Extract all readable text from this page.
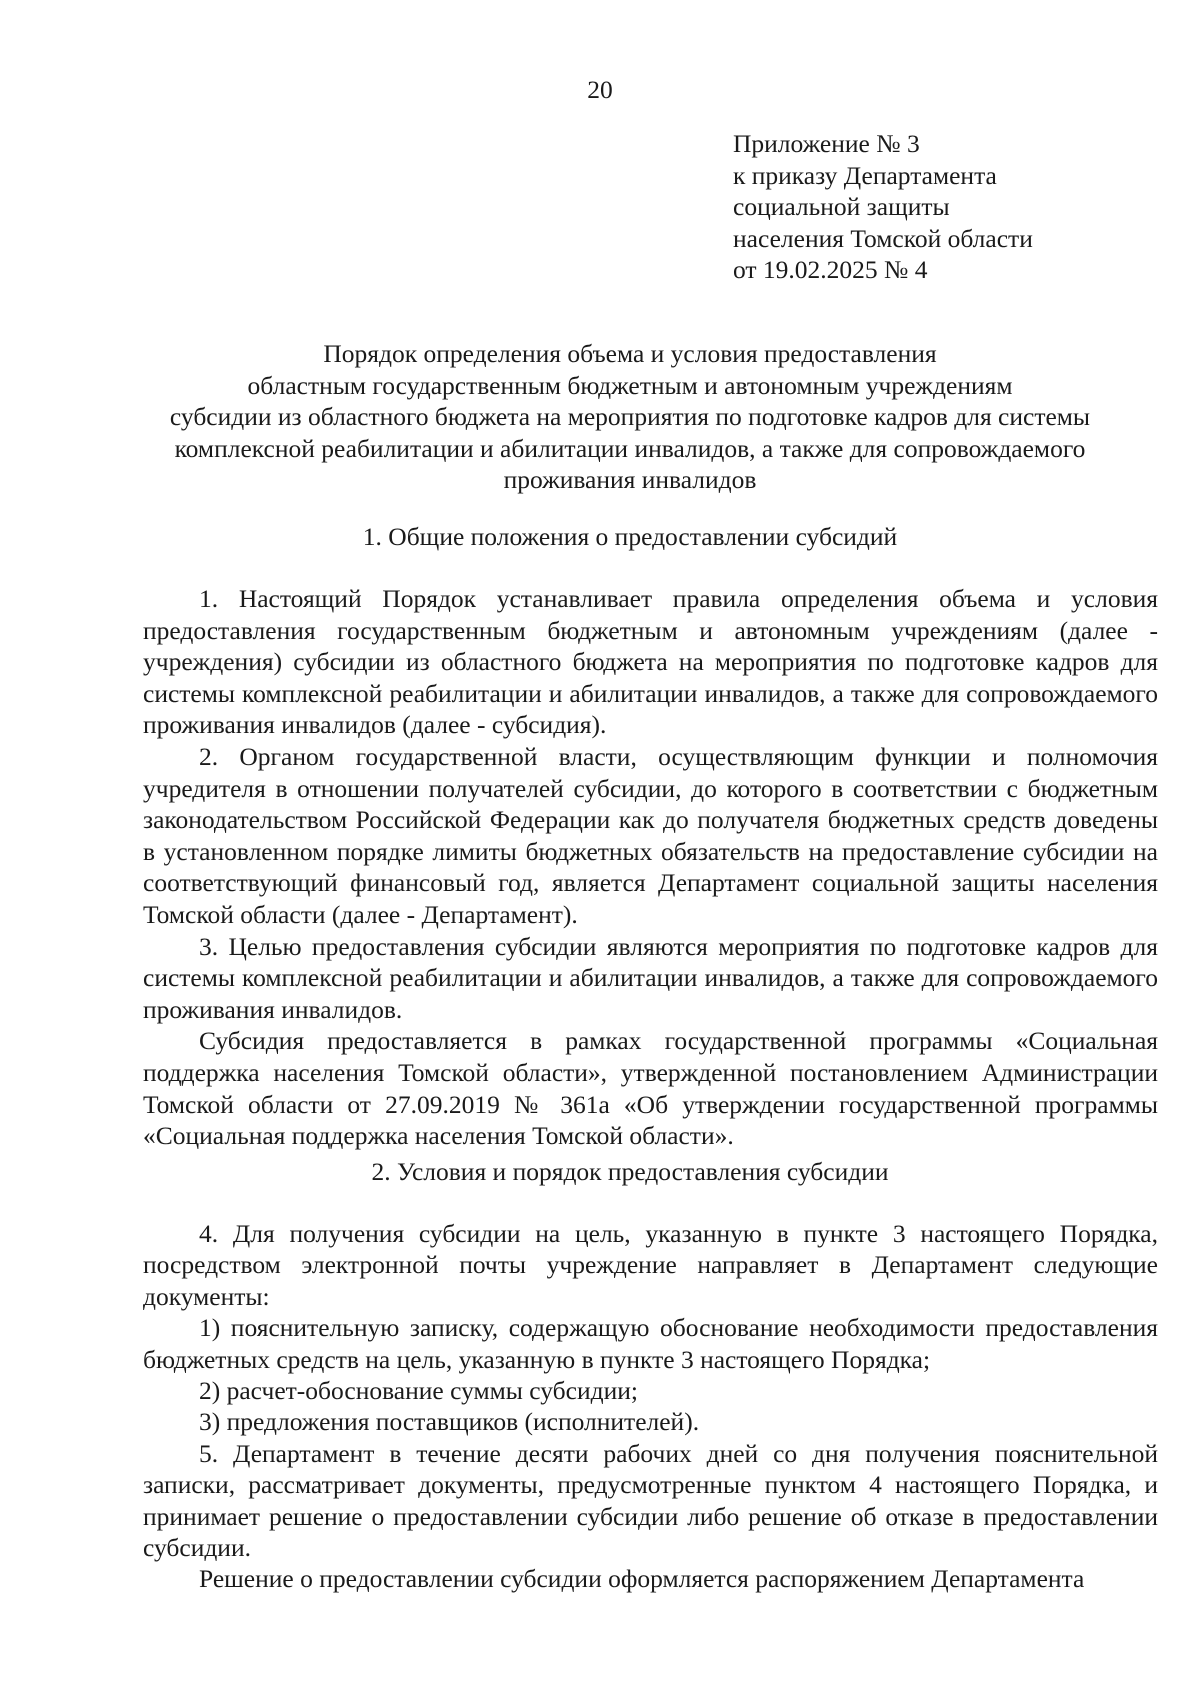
20
Приложение № 3
к приказу Департамента
социальной защиты
населения Томской области
от 19.02.2025 № 4
Порядок определения объема и условия предоставления
областным государственным бюджетным и автономным учреждениям
субсидии из областного бюджета на мероприятия по подготовке кадров для системы
комплексной реабилитации и абилитации инвалидов, а также для сопровождаемого
проживания инвалидов
1. Общие положения о предоставлении субсидий

1. Настоящий Порядок устанавливает правила определения объема и условия предоставления государственным бюджетным и автономным учреждениям (далее - учреждения) субсидии из областного бюджета на мероприятия по подготовке кадров для системы комплексной реабилитации и абилитации инвалидов, а также для сопровождаемого проживания инвалидов (далее - субсидия).

2. Органом государственной власти, осуществляющим функции и полномочия учредителя в отношении получателей субсидии, до которого в соответствии с бюджетным законодательством Российской Федерации как до получателя бюджетных средств доведены в установленном порядке лимиты бюджетных обязательств на предоставление субсидии на соответствующий финансовый год, является Департамент социальной защиты населения Томской области (далее - Департамент).

3. Целью предоставления субсидии являются мероприятия по подготовке кадров для системы комплексной реабилитации и абилитации инвалидов, а также для сопровождаемого проживания инвалидов.

Субсидия предоставляется в рамках государственной программы «Социальная поддержка населения Томской области», утвержденной постановлением Администрации Томской области от 27.09.2019 № 361а «Об утверждении государственной программы «Социальная поддержка населения Томской области».

2. Условия и порядок предоставления субсидии

4. Для получения субсидии на цель, указанную в пункте 3 настоящего Порядка, посредством электронной почты учреждение направляет в Департамент следующие документы:

1) пояснительную записку, содержащую обоснование необходимости предоставления бюджетных средств на цель, указанную в пункте 3 настоящего Порядка;

2) расчет-обоснование суммы субсидии;

3) предложения поставщиков (исполнителей).

5. Департамент в течение десяти рабочих дней со дня получения пояснительной записки, рассматривает документы, предусмотренные пунктом 4 настоящего Порядка, и принимает решение о предоставлении субсидии либо решение об отказе в предоставлении субсидии.

Решение о предоставлении субсидии оформляется распоряжением Департамента
